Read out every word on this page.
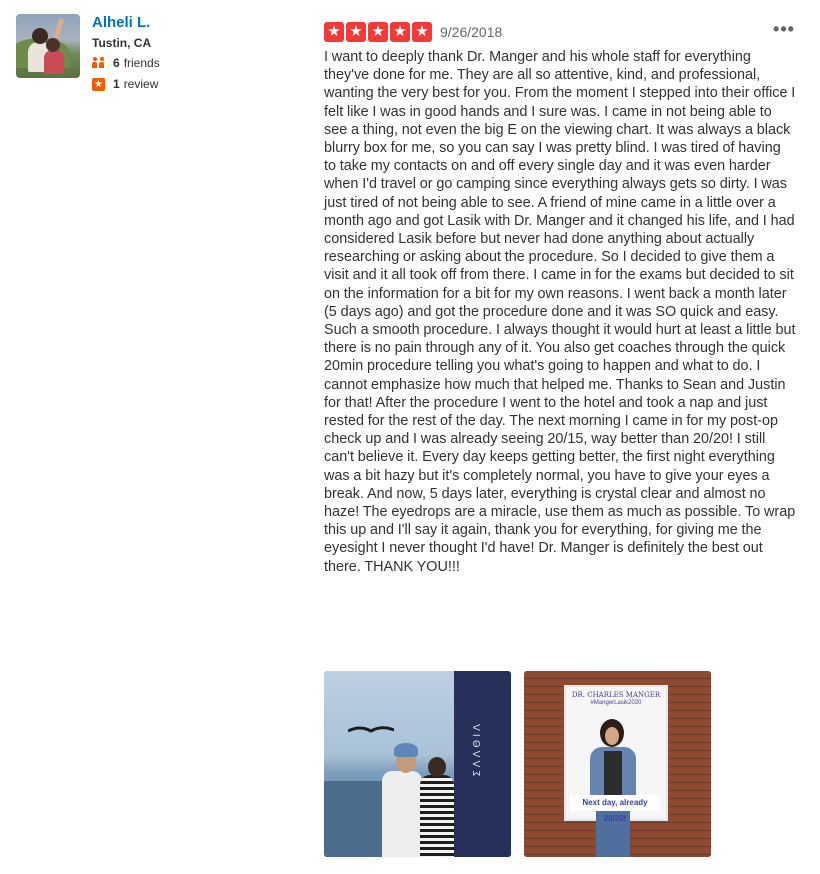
Alheli L.
Tustin, CA
6 friends
★ 1 review
★ ★ ★ ★ ★ 9/26/2018	•••

I want to deeply thank Dr. Manger and his whole staff for everything they've done for me. They are all so attentive, kind, and professional, wanting the very best for you. From the moment I stepped into their office I felt like I was in good hands and I sure was. I came in not being able to see a thing, not even the big E on the viewing chart. It was always a black blurry box for me, so you can say I was pretty blind. I was tired of having to take my contacts on and off every single day and it was even harder when I'd travel or go camping since everything always gets so dirty. I was just tired of not being able to see. A friend of mine came in a little over a month ago and got Lasik with Dr. Manger and it changed his life, and I had considered Lasik before but never had done anything about actually researching or asking about the procedure. So I decided to give them a visit and it all took off from there. I came in for the exams but decided to sit on the information for a bit for my own reasons. I went back a month later (5 days ago) and got the procedure done and it was SO quick and easy. Such a smooth procedure. I always thought it would hurt at least a little but there is no pain through any of it. You also get coaches through the quick 20min procedure telling you what's going to happen and what to do. I cannot emphasize how much that helped me. Thanks to Sean and Justin for that! After the procedure I went to the hotel and took a nap and just rested for the rest of the day. The next morning I came in for my post-op check up and I was already seeing 20/15, way better than 20/20! I still can't believe it. Every day keeps getting better, the first night everything was a bit hazy but it's completely normal, you have to give your eyes a break. And now, 5 days later, everything is crystal clear and almost no haze! The eyedrops are a miracle, use them as much as possible. To wrap this up and I'll say it again, thank you for everything, for giving me the eyesight I never thought I'd have! Dr. Manger is definitely the best out there. THANK YOU!!!

ΣΛΛΘΙΛ
DR. CHARLES MANGER
#MangerLasik2020
Next day, already 20/20!
